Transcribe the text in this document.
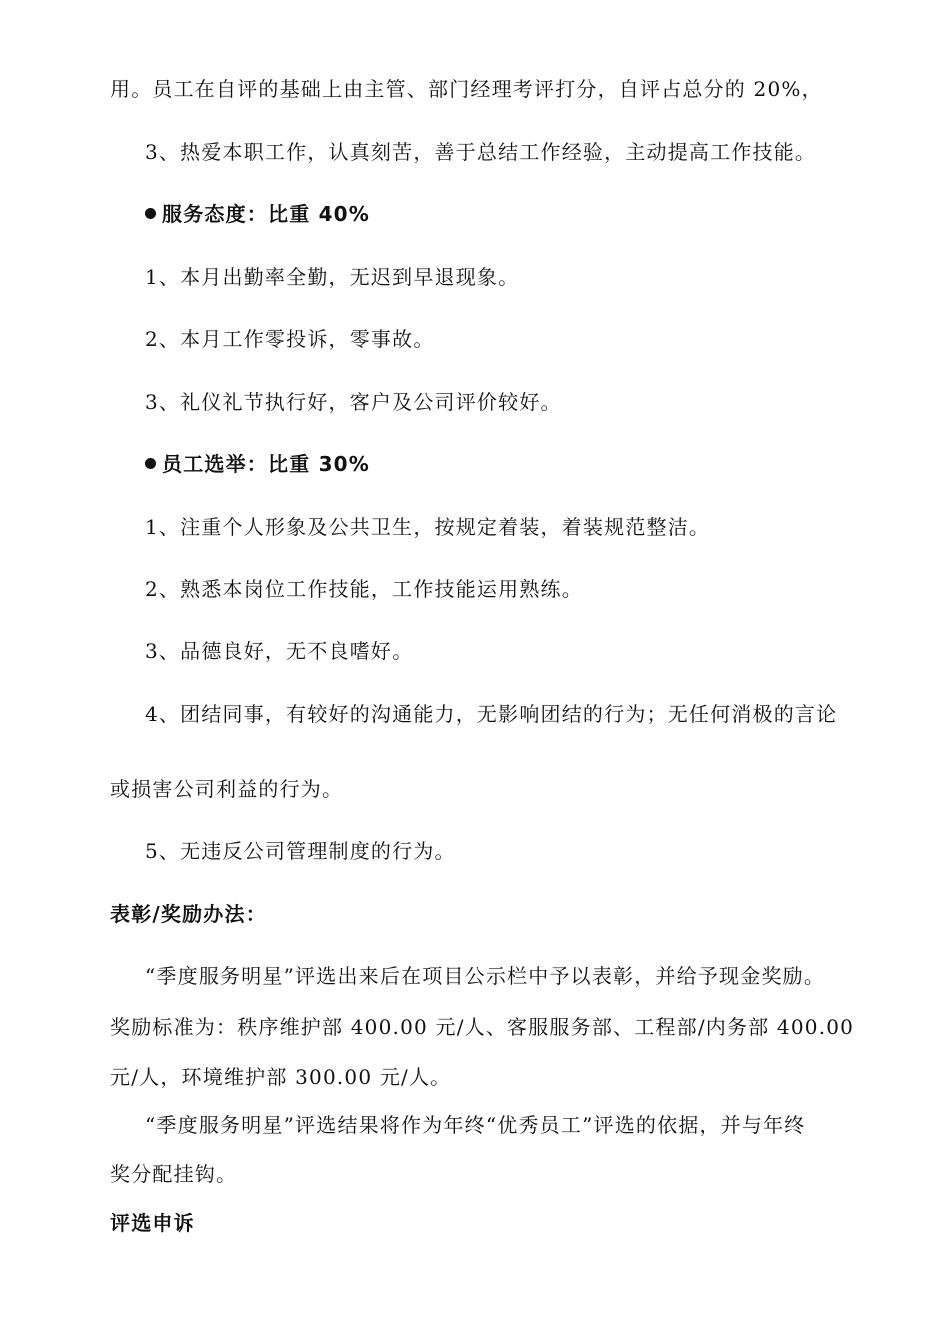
用。员工在自评的基础上由主管、部门经理考评打分，自评占总分的 20%，
3、热爱本职工作，认真刻苦，善于总结工作经验，主动提高工作技能。
服务态度：比重 40%
1、本月出勤率全勤，无迟到早退现象。
2、本月工作零投诉，零事故。
3、礼仪礼节执行好，客户及公司评价较好。
员工选举：比重 30%
1、注重个人形象及公共卫生，按规定着装，着装规范整洁。
2、熟悉本岗位工作技能，工作技能运用熟练。
3、品德良好，无不良嗜好。
4、团结同事，有较好的沟通能力，无影响团结的行为；无任何消极的言论
或损害公司利益的行为。
5、无违反公司管理制度的行为。
表彰/奖励办法：
“季度服务明星”评选出来后在项目公示栏中予以表彰，并给予现金奖励。
奖励标准为：秩序维护部 400.00 元/人、客服服务部、工程部/内务部 400.00
元/人，环境维护部 300.00 元/人。
“季度服务明星”评选结果将作为年终“优秀员工”评选的依据，并与年终
奖分配挂钩。
评选申诉
